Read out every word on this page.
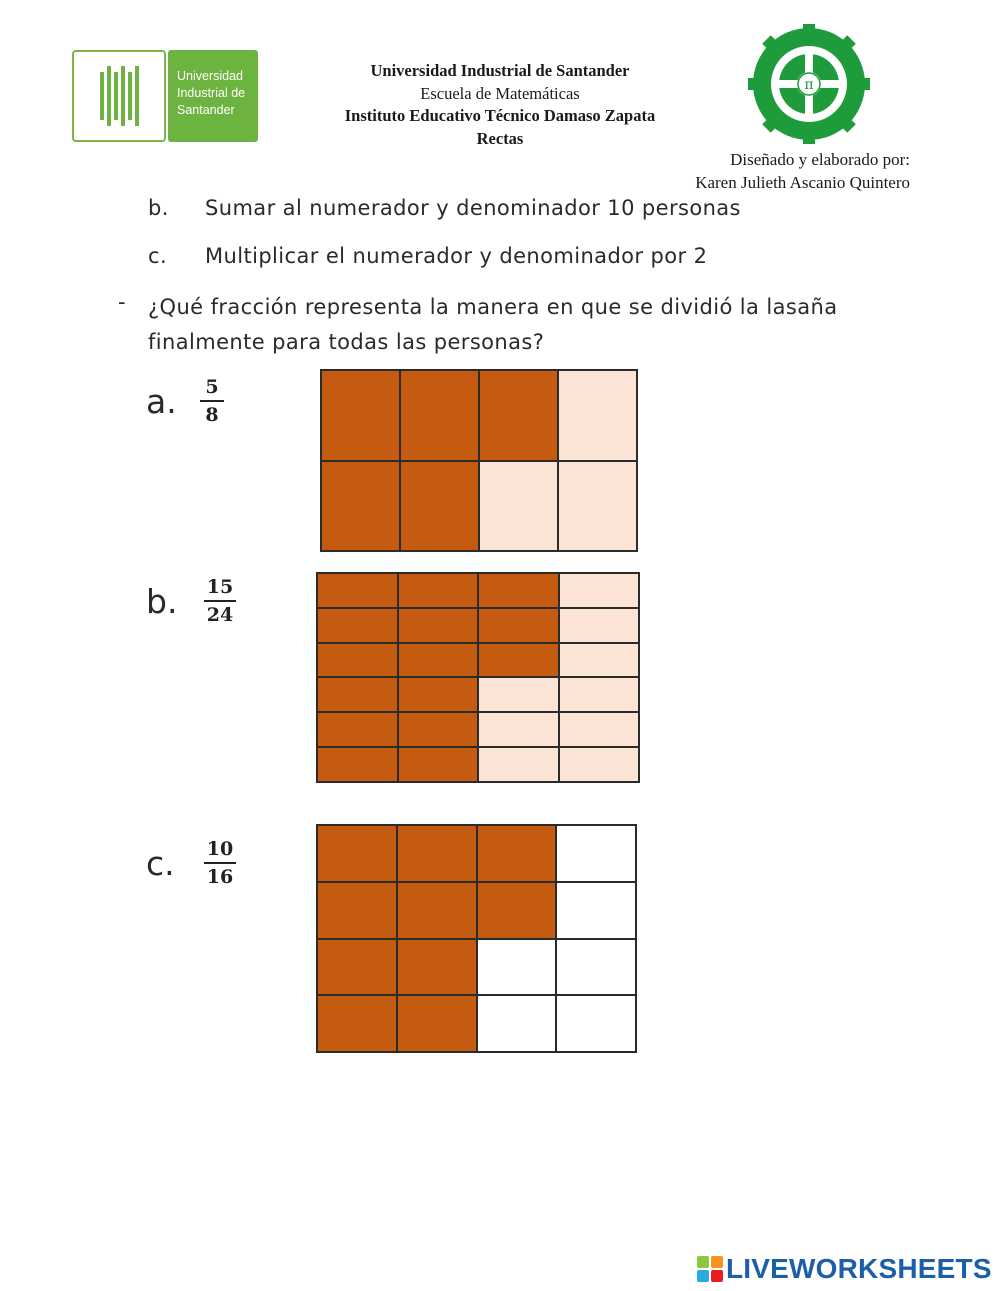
Universidad
Industrial de
Santander
Universidad Industrial de Santander
Escuela de Matemáticas
Instituto Educativo Técnico Damaso Zapata
Rectas
π
Diseñado y elaborado por:
Karen Julieth Ascanio Quintero
b. Sumar al numerador y denominador 10 personas
c. Multiplicar el numerador y denominador por 2
- ¿Qué fracción representa la manera en que se dividió la lasaña finalmente para todas las personas?
a. 5
8
b. 15
24
c. 10
16
LIVEWORKSHEETS
